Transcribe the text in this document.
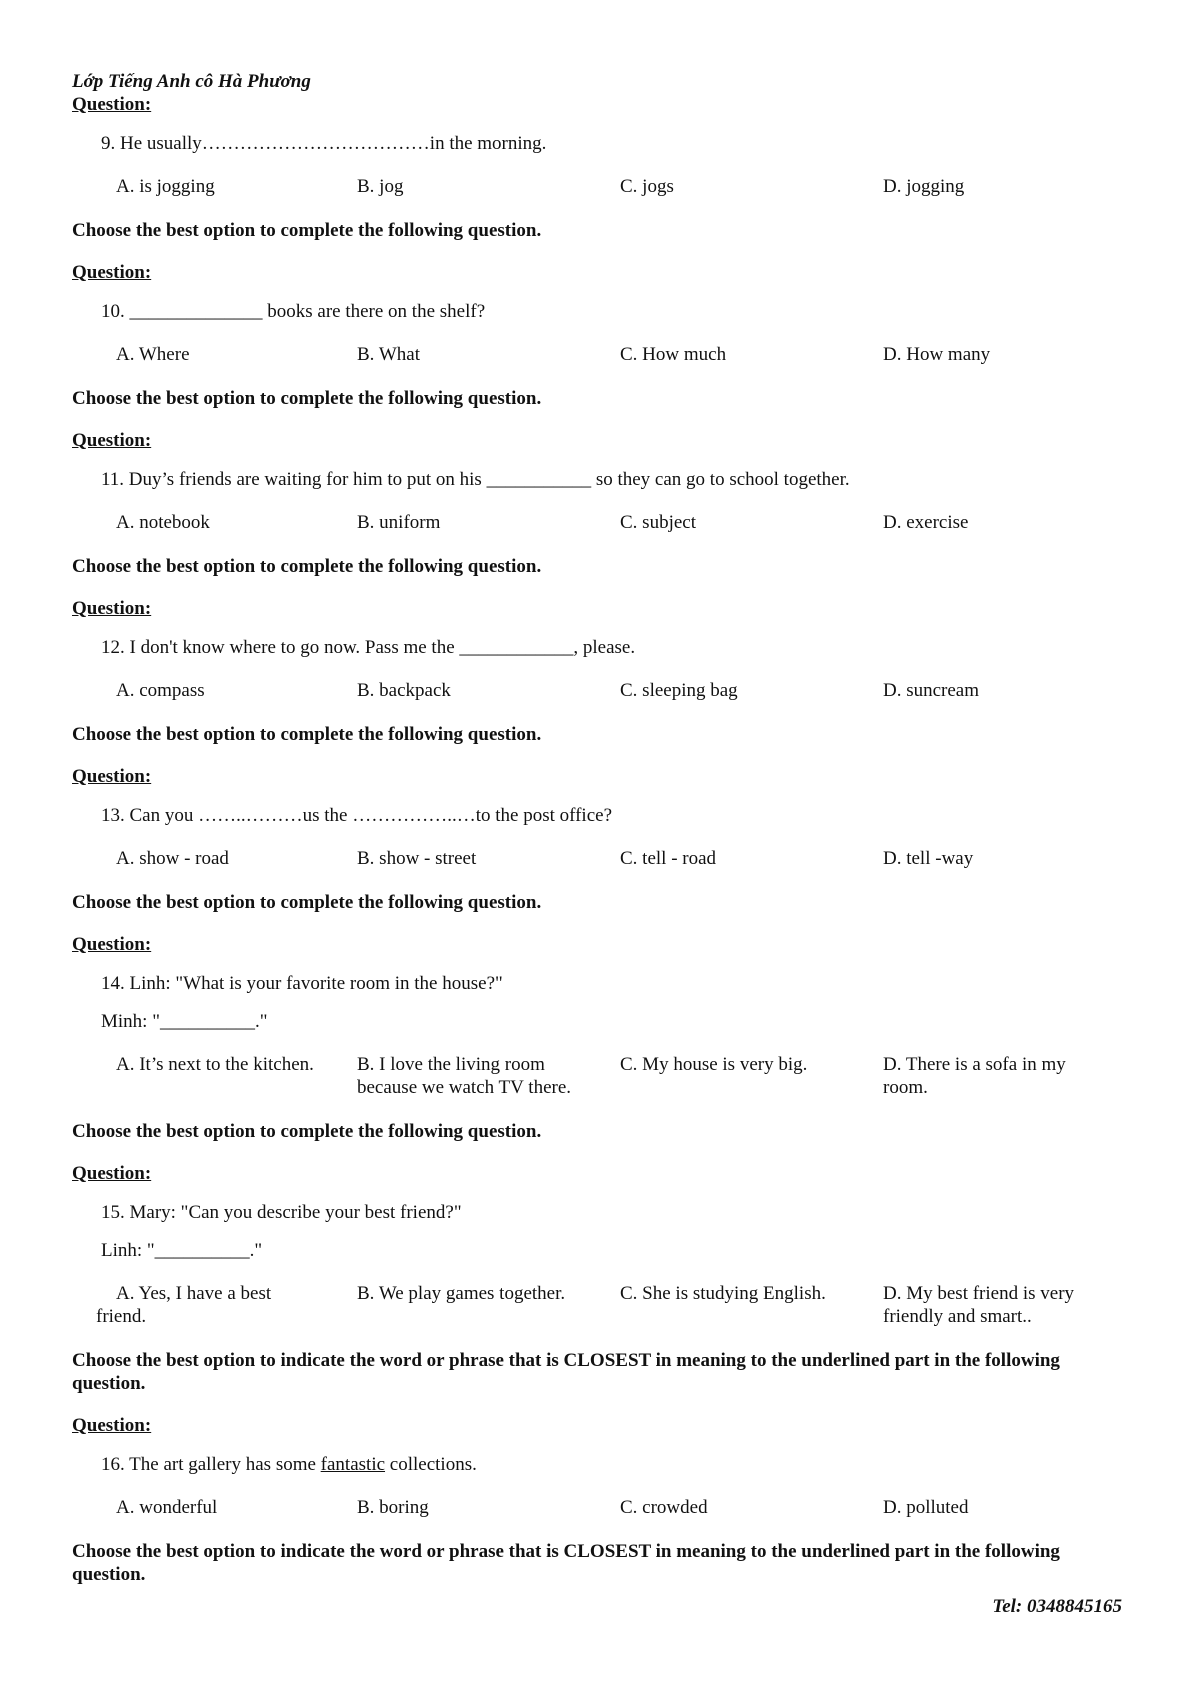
Lớp Tiếng Anh cô Hà Phương
Question:
9. He usually………………………………in the morning.
A. is jogging	B. jog	C. jogs	D. jogging
Choose the best option to complete the following question.
Question:
10. ______________ books are there on the shelf?
A. Where	B. What	C. How much	D. How many
Choose the best option to complete the following question.
Question:
11. Duy’s friends are waiting for him to put on his ___________ so they can go to school together.
A. notebook	B. uniform	C. subject	D. exercise
Choose the best option to complete the following question.
Question:
12. I don't know where to go now. Pass me the ____________, please.
A. compass	B. backpack	C. sleeping bag	D. suncream
Choose the best option to complete the following question.
Question:
13. Can you ……..………us the ……………..…to the post office?
A. show - road	B. show - street	C. tell - road	D. tell -way
Choose the best option to complete the following question.
Question:
14. Linh: "What is your favorite room in the house?"
Minh: "__________."
A. It’s next to the kitchen.	B. I love the living room because we watch TV there.
C. My house is very big.	D. There is a sofa in my room.
Choose the best option to complete the following question.
Question:
15. Mary: "Can you describe your best friend?"
Linh: "__________."
A. Yes, I have a best friend.
B. We play games together.	C. She is studying English.	D. My best friend is very friendly and smart..
Choose the best option to indicate the word or phrase that is CLOSEST in meaning to the underlined part in the following question.
Question:
16. The art gallery has some fantastic collections.
A. wonderful	B. boring	C. crowded	D. polluted
Choose the best option to indicate the word or phrase that is CLOSEST in meaning to the underlined part in the following question.
Tel: 0348845165
